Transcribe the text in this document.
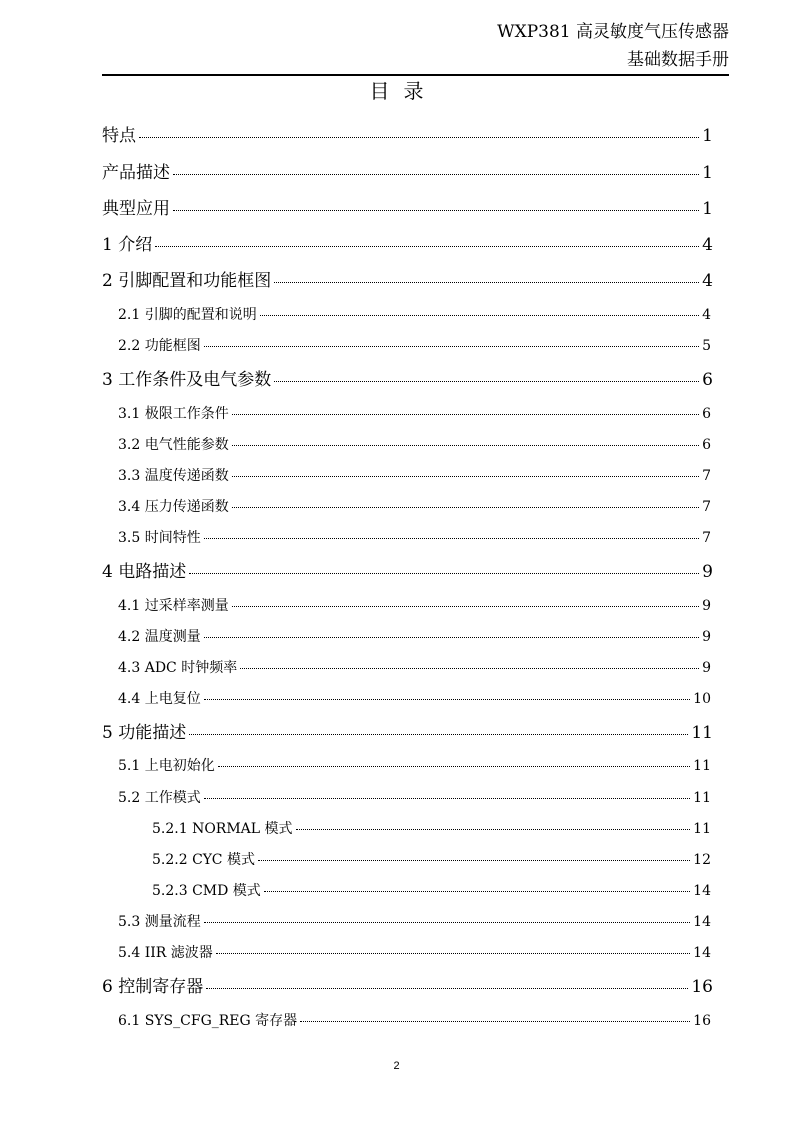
WXP381 高灵敏度气压传感器
基础数据手册
目录
特点	1
产品描述	1
典型应用	1
1 介绍	4
2 引脚配置和功能框图	4
2.1 引脚的配置和说明	4
2.2 功能框图	5
3 工作条件及电气参数	6
3.1 极限工作条件	6
3.2 电气性能参数	6
3.3 温度传递函数	7
3.4 压力传递函数	7
3.5 时间特性	7
4 电路描述	9
4.1 过采样率测量	9
4.2 温度测量	9
4.3 ADC 时钟频率	9
4.4 上电复位	10
5 功能描述	11
5.1 上电初始化	11
5.2 工作模式	11
5.2.1 NORMAL 模式	11
5.2.2 CYC 模式	12
5.2.3 CMD 模式	14
5.3 测量流程	14
5.4 IIR 滤波器	14
6 控制寄存器	16
6.1 SYS_CFG_REG 寄存器	16
2
